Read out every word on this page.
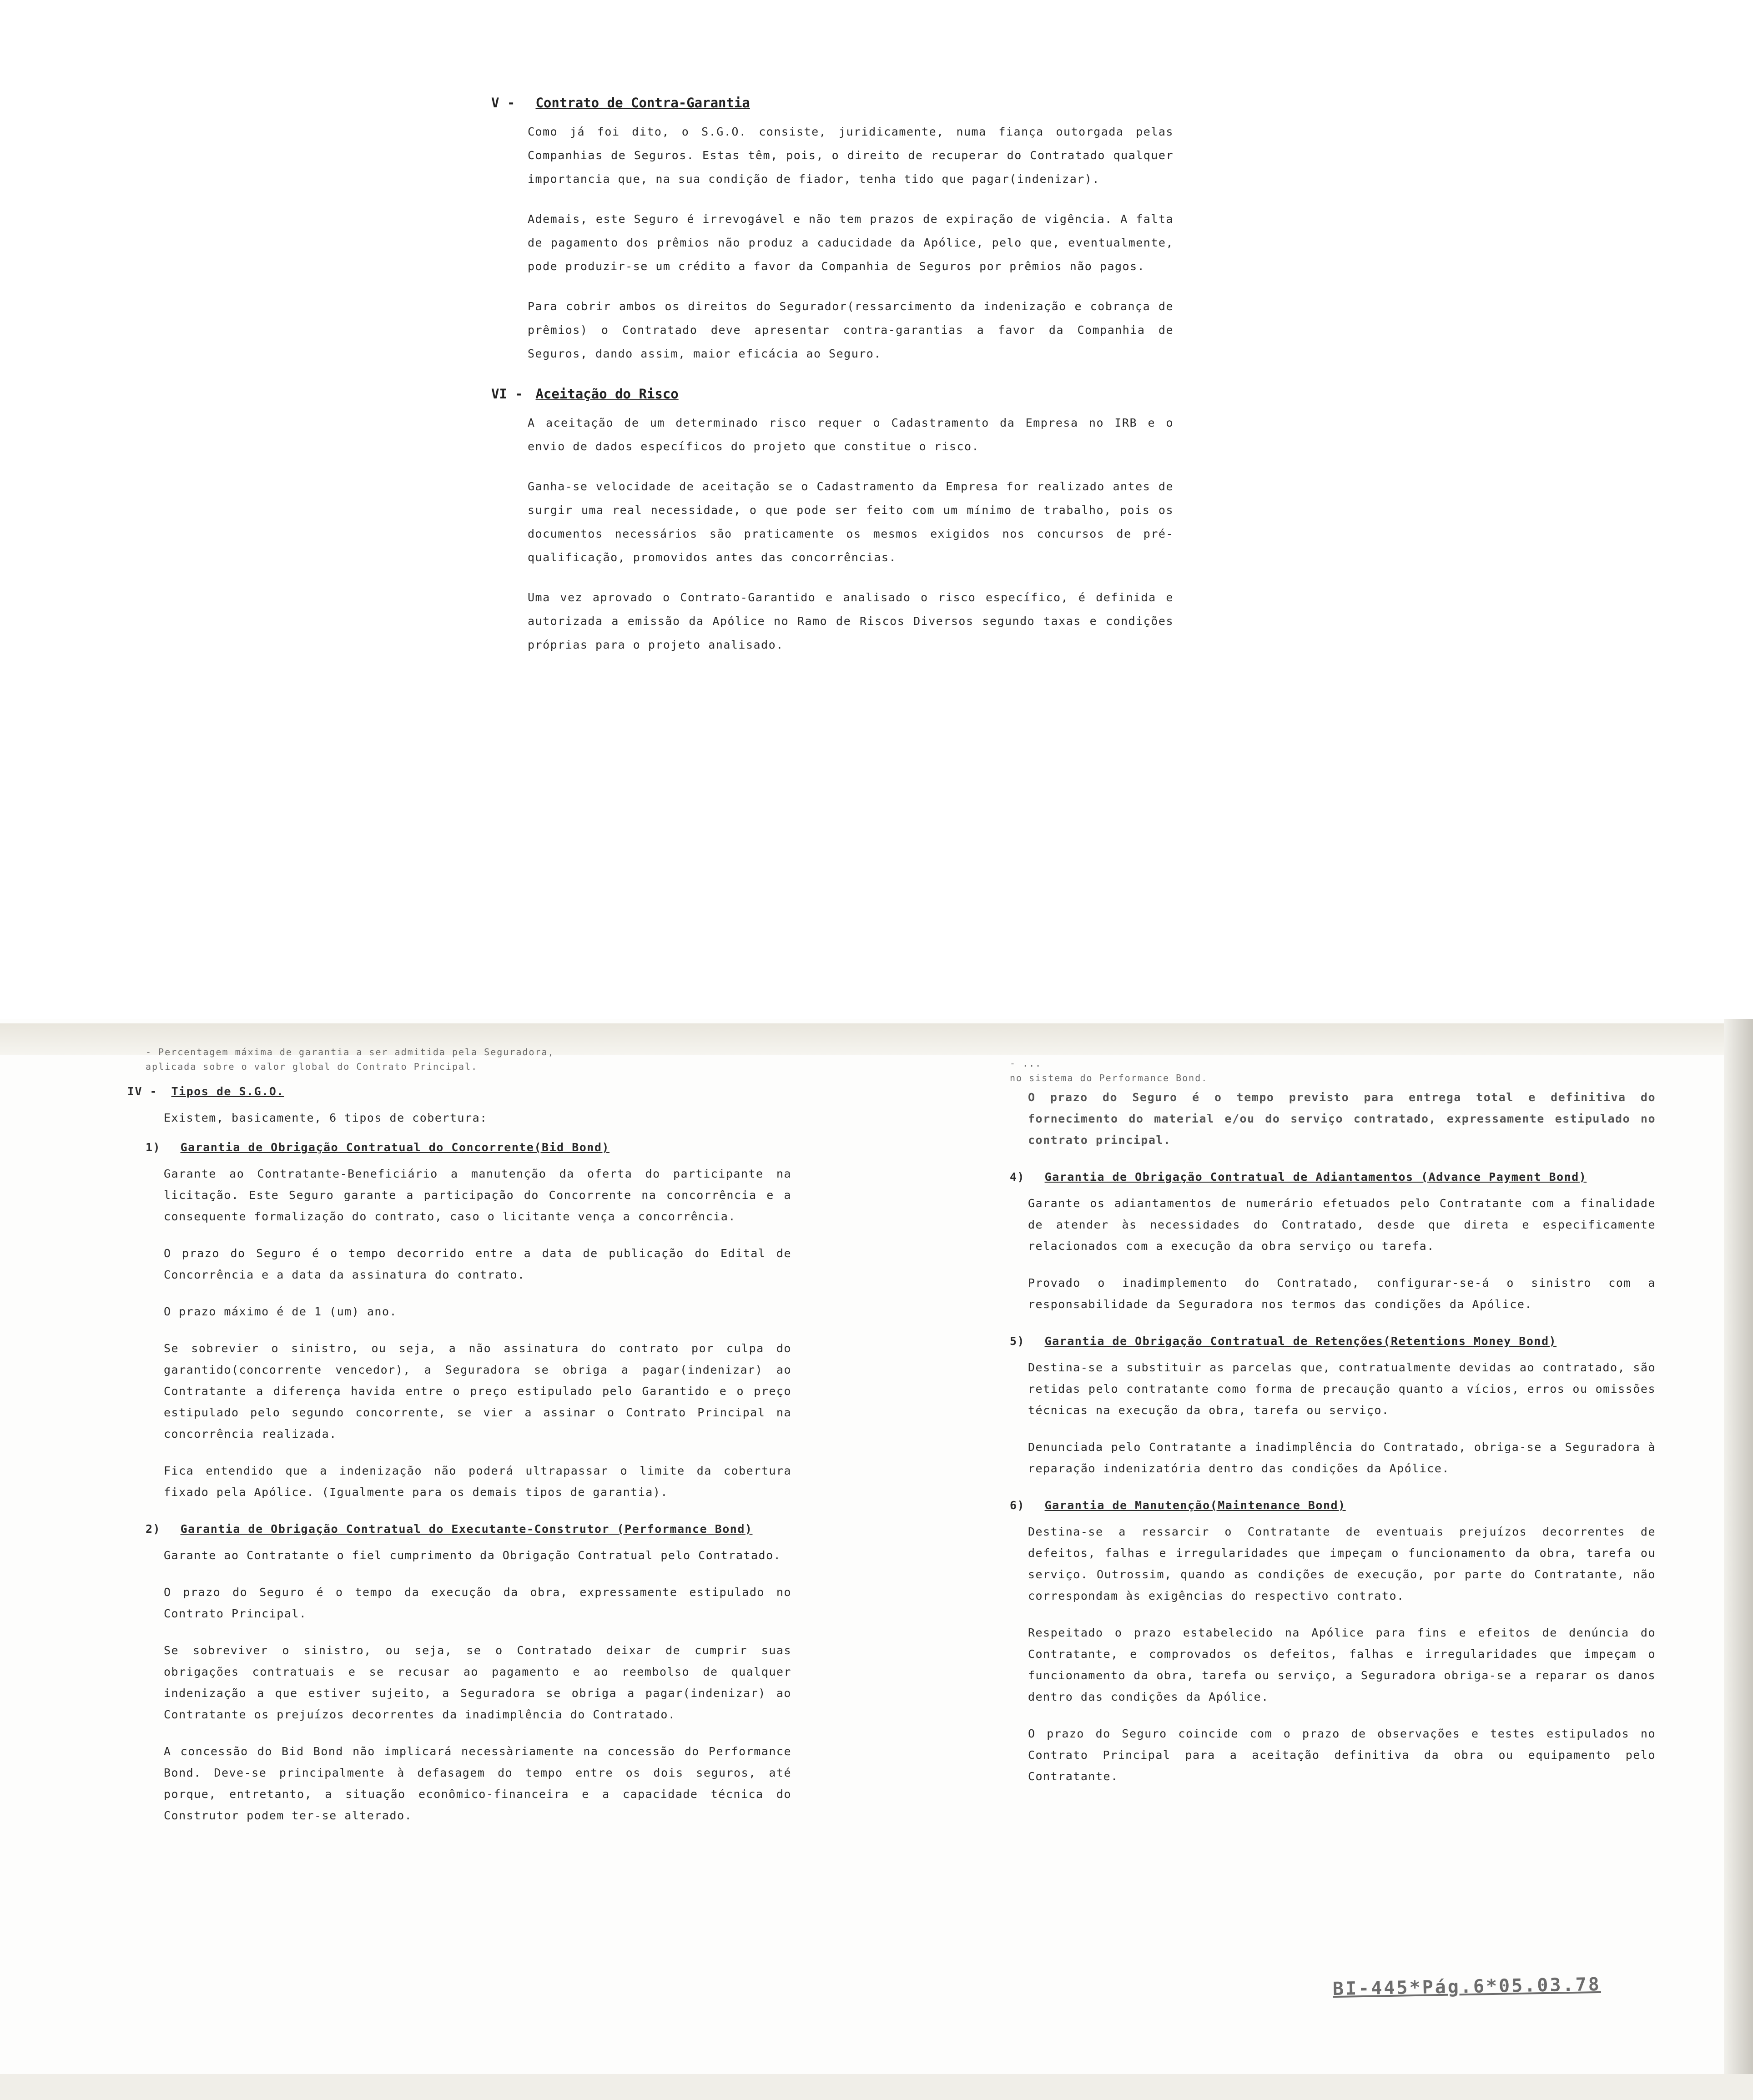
V - Contrato de Contra-Garantia

Como já foi dito, o S.G.O. consiste, juridicamente, numa fiança outorgada pelas Companhias de Seguros. Estas têm, pois, o direito de recuperar do Contratado qualquer importancia que, na sua condição de fiador, tenha tido que pagar(indenizar).

Ademais, este Seguro é irrevogável e não tem prazos de expiração de vigência. A falta de pagamento dos prêmios não produz a caducidade da Apólice, pelo que, eventualmente, pode produzir-se um crédito a favor da Companhia de Seguros por prêmios não pagos.

Para cobrir ambos os direitos do Segurador(ressarcimento da indenização e cobrança de prêmios) o Contratado deve apresentar contra-garantias a favor da Companhia de Seguros, dando assim, maior eficácia ao Seguro.

VI - Aceitação do Risco

A aceitação de um determinado risco requer o Cadastramento da Empresa no IRB e o envio de dados específicos do projeto que constitue o risco.

Ganha-se velocidade de aceitação se o Cadastramento da Empresa for realizado antes de surgir uma real necessidade, o que pode ser feito com um mínimo de trabalho, pois os documentos necessários são praticamente os mesmos exigidos nos concursos de pré-qualificação, promovidos antes das concorrências.

Uma vez aprovado o Contrato-Garantido e analisado o risco específico, é definida e autorizada a emissão da Apólice no Ramo de Riscos Diversos segundo taxas e condições próprias para o projeto analisado.

- Percentagem máxima de garantia a ser admitida pela Seguradora,
aplicada sobre o valor global do Contrato Principal.
IV - Tipos de S.G.O.
Existem, basicamente, 6 tipos de cobertura:
1) Garantia de Obrigação Contratual do Concorrente(Bid Bond)

Garante ao Contratante-Beneficiário a manutenção da oferta do participante na licitação. Este Seguro garante a participação do Concorrente na concorrência e a consequente formalização do contrato, caso o licitante vença a concorrência.

O prazo do Seguro é o tempo decorrido entre a data de publicação do Edital de Concorrência e a data da assinatura do contrato.

O prazo máximo é de 1 (um) ano.

Se sobrevier o sinistro, ou seja, a não assinatura do contrato por culpa do garantido(concorrente vencedor), a Seguradora se obriga a pagar(indenizar) ao Contratante a diferença havida entre o preço estipulado pelo Garantido e o preço estipulado pelo segundo concorrente, se vier a assinar o Contrato Principal na concorrência realizada.

Fica entendido que a indenização não poderá ultrapassar o limite da cobertura fixado pela Apólice. (Igualmente para os demais tipos de garantia).

2) Garantia de Obrigação Contratual do Executante-Construtor (Performance Bond)

Garante ao Contratante o fiel cumprimento da Obrigação Contratual pelo Contratado.

O prazo do Seguro é o tempo da execução da obra, expressamente estipulado no Contrato Principal.

Se sobreviver o sinistro, ou seja, se o Contratado deixar de cumprir suas obrigações contratuais e se recusar ao pagamento e ao reembolso de qualquer indenização a que estiver sujeito, a Seguradora se obriga a pagar(indenizar) ao Contratante os prejuízos decorrentes da inadimplência do Contratado.

A concessão do Bid Bond não implicará necessàriamente na concessão do Performance Bond. Deve-se principalmente à defasagem do tempo entre os dois seguros, até porque, entretanto, a situação econômico-financeira e a capacidade técnica do Construtor podem ter-se alterado.

- ...
no sistema do Performance Bond.

O prazo do Seguro é o tempo previsto para entrega total e definitiva do fornecimento do material e/ou do serviço contratado, expressamente estipulado no contrato principal.

4) Garantia de Obrigação Contratual de Adiantamentos (Advance Payment Bond)

Garante os adiantamentos de numerário efetuados pelo Contratante com a finalidade de atender às necessidades do Contratado, desde que direta e especificamente relacionados com a execução da obra serviço ou tarefa.

Provado o inadimplemento do Contratado, configurar-se-á o sinistro com a responsabilidade da Seguradora nos termos das condições da Apólice.

5) Garantia de Obrigação Contratual de Retenções(Retentions Money Bond)

Destina-se a substituir as parcelas que, contratualmente devidas ao contratado, são retidas pelo contratante como forma de precaução quanto a vícios, erros ou omissões técnicas na execução da obra, tarefa ou serviço.

Denunciada pelo Contratante a inadimplência do Contratado, obriga-se a Seguradora à reparação indenizatória dentro das condições da Apólice.

6) Garantia de Manutenção(Maintenance Bond)

Destina-se a ressarcir o Contratante de eventuais prejuízos decorrentes de defeitos, falhas e irregularidades que impeçam o funcionamento da obra, tarefa ou serviço. Outrossim, quando as condições de execução, por parte do Contratante, não correspondam às exigências do respectivo contrato.

Respeitado o prazo estabelecido na Apólice para fins e efeitos de denúncia do Contratante, e comprovados os defeitos, falhas e irregularidades que impeçam o funcionamento da obra, tarefa ou serviço, a Seguradora obriga-se a reparar os danos dentro das condições da Apólice.

O prazo do Seguro coincide com o prazo de observações e testes estipulados no Contrato Principal para a aceitação definitiva da obra ou equipamento pelo Contratante.

BI-445*Pág.6*05.03.78
